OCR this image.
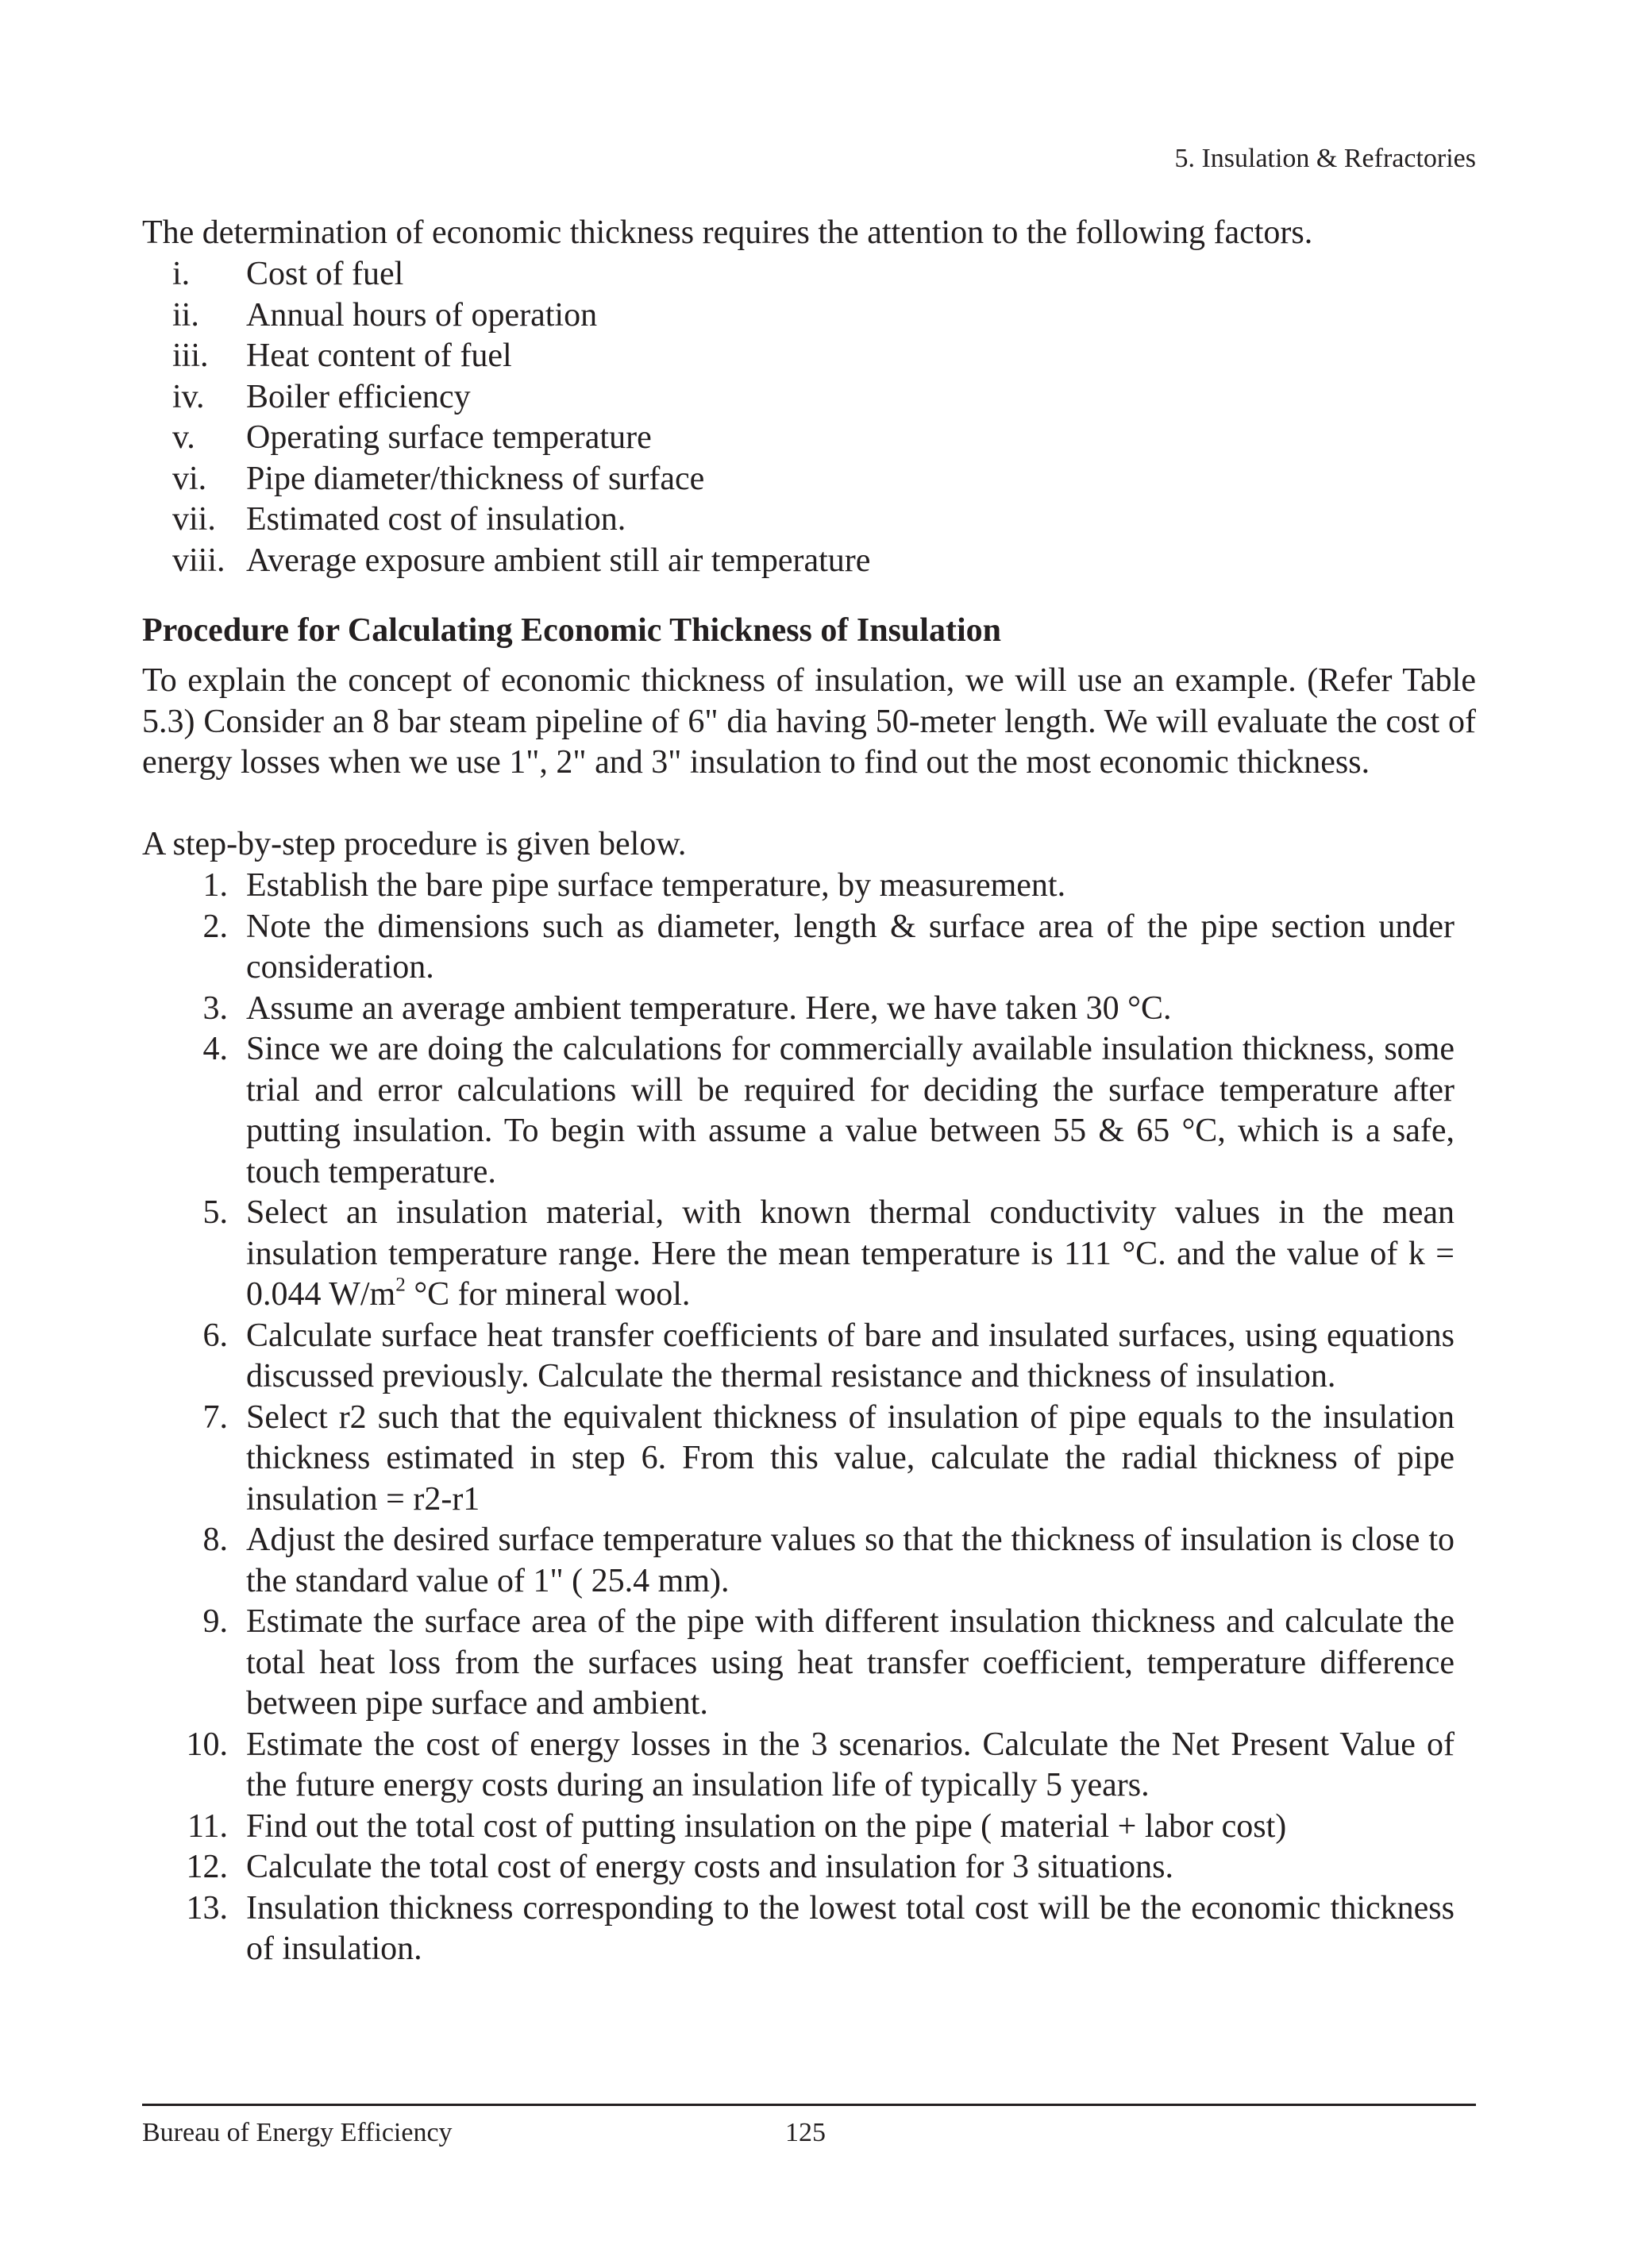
5. Insulation & Refractories

The determination of economic thickness requires the attention to the following factors.

i.	Cost of fuel
ii.	Annual hours of operation
iii.	Heat content of fuel
iv.	Boiler efficiency
v.	Operating surface temperature
vi.	Pipe diameter/thickness of surface
vii. Estimated cost of insulation.
viii. Average exposure ambient still air temperature
Procedure for Calculating Economic Thickness of Insulation

To explain the concept of economic thickness of insulation, we will use an example. (Refer Table 5.3) Consider an 8 bar steam pipeline of 6" dia having 50-meter length. We will evaluate the cost of energy losses when we use 1", 2" and 3" insulation to find out the most economic thickness.

A step-by-step procedure is given below.

1. Establish the bare pipe surface temperature, by measurement.
2. Note the dimensions such as diameter, length & surface area of the pipe section under consideration.
3. Assume an average ambient temperature. Here, we have taken 30 °C.
4. Since we are doing the calculations for commercially available insulation thickness, some trial and error calculations will be required for deciding the surface temperature after putting insulation. To begin with assume a value between 55 & 65 °C, which is a safe, touch temperature.
5. Select an insulation material, with known thermal conductivity values in the mean insulation temperature range. Here the mean temperature is 111 °C. and the value of k = 0.044 $W/m^2$ °C for mineral wool.
6. Calculate surface heat transfer coefficients of bare and insulated surfaces, using equations discussed previously. Calculate the thermal resistance and thickness of insulation.
7. Select r2 such that the equivalent thickness of insulation of pipe equals to the insulation thickness estimated in step 6. From this value, calculate the radial thickness of pipe insulation = r2-r1
8. Adjust the desired surface temperature values so that the thickness of insulation is close to the standard value of 1" ( 25.4 mm).
9. Estimate the surface area of the pipe with different insulation thickness and calculate the total heat loss from the surfaces using heat transfer coefficient, temperature difference between pipe surface and ambient.
10. Estimate the cost of energy losses in the 3 scenarios. Calculate the Net Present Value of the future energy costs during an insulation life of typically 5 years.
11. Find out the total cost of putting insulation on the pipe ( material + labor cost)
12. Calculate the total cost of energy costs and insulation for 3 situations.
13. Insulation thickness corresponding to the lowest total cost will be the economic thickness of insulation.
Bureau of Energy Efficiency	125
